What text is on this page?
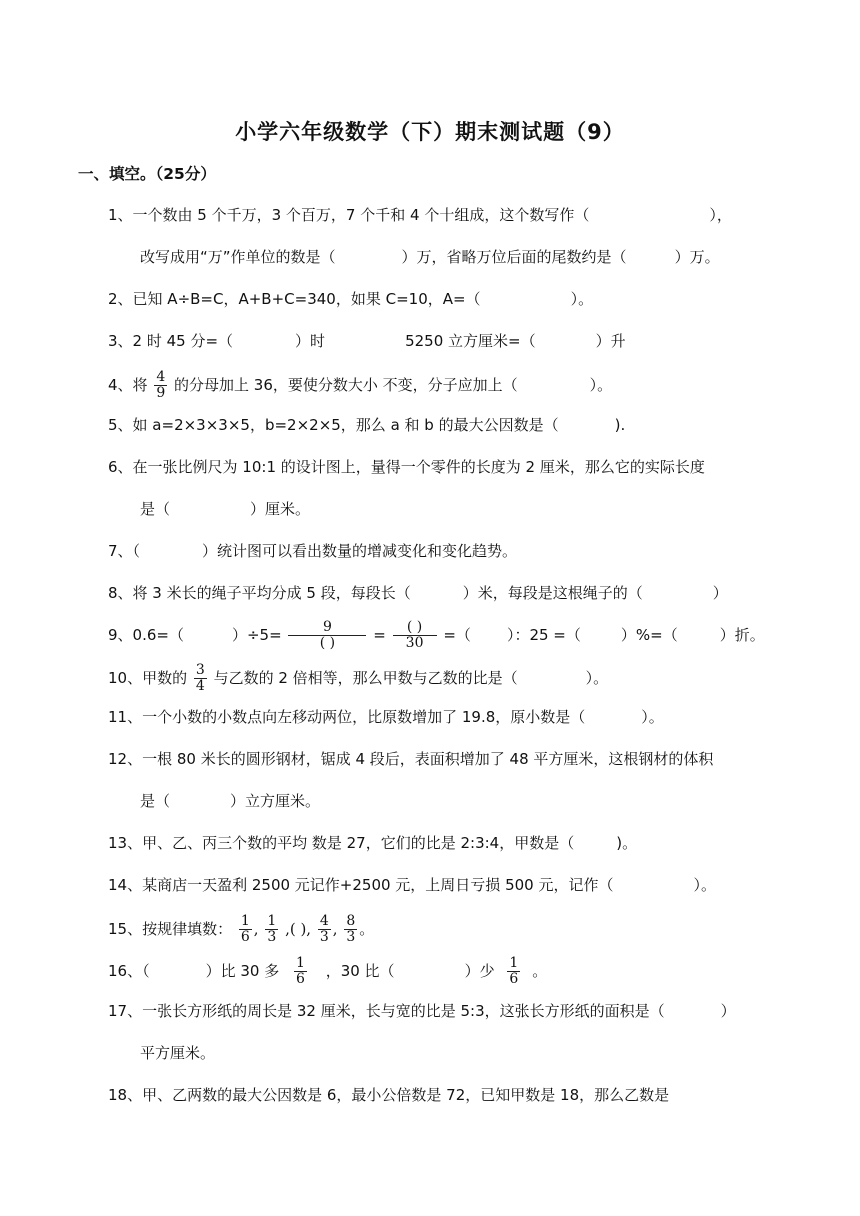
小学六年级数学（下）期末测试题（9）
一、填空。（25分）
1、一个数由 5 个千万，3 个百万，7 个千和 4 个十组成，这个数写作（	），
改写成用“万”作单位的数是（	）万，省略万位后面的尾数约是（	）万。
2、已知 A÷B=C，A+B+C=340，如果 C=10，A=（	）。
3、2 时 45 分=（	）时	5250 立方厘米=（	）升
4、将 $\frac{4}{9}$ 的分母加上 36，要使分数大小 不变，分子应加上（	）。
5、如 a=2×3×3×5，b=2×2×5，那么 a 和 b 的最大公因数是（	).
6、在一张比例尺为 10:1 的设计图上，量得一个零件的长度为 2 厘米，那么它的实际长度
是（	）厘米。
7、（	）统计图可以看出数量的增减变化和变化趋势。
8、将 3 米长的绳子平均分成 5 段，每段长（	）米，每段是这根绳子的（	）
9、0.6=（	）$\div 5= \frac{9}{( )} = \frac{( )}{30}$ =（ ）：25 =（	）%=（	）折。
10、甲数的 $\frac{3}{4}$ 与乙数的 2 倍相等，那么甲数与乙数的比是（	）。
11、一个小数的小数点向左移动两位，比原数增加了 19.8，原小数是（	）。
12、一根 80 米长的圆形钢材，锯成 4 段后，表面积增加了 48 平方厘米，这根钢材的体积
是（	）立方厘米。
13、甲、乙、丙三个数的平均 数是 27，它们的比是 2:3:4，甲数是（	)。
14、某商店一天盈利 2500 元记作+2500 元，上周日亏损 500 元，记作（	）。
15、按规律填数： $\frac{1}{6}$ , $\frac{1}{3}$ ,( ), $\frac{4}{3}$ , $\frac{8}{3}$ 。
16、（	）比 30 多 $\frac{1}{6}$ ，30 比（	）少 $\frac{1}{6}$ 。
17、一张长方形纸的周长是 32 厘米，长与宽的比是 5:3，这张长方形纸的面积是（	）
平方厘米。
18、甲、乙两数的最大公因数是 6，最小公倍数是 72，已知甲数是 18，那么乙数是
